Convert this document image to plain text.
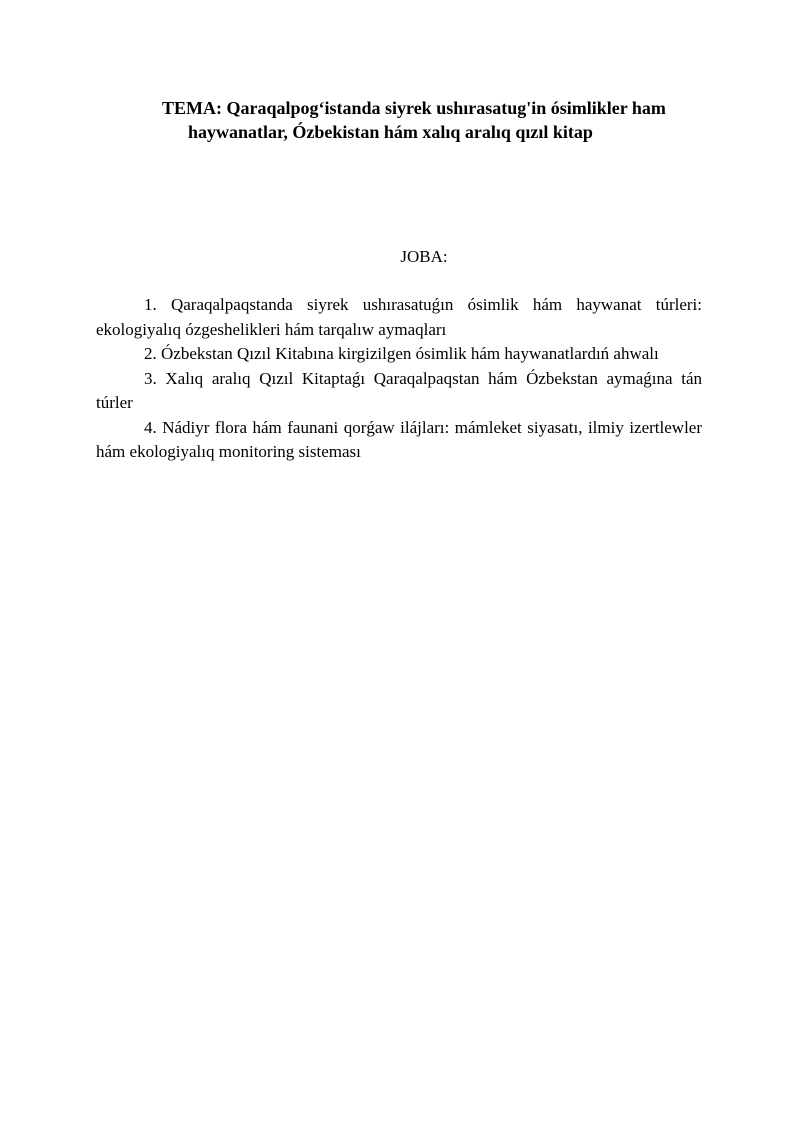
TEMA: Qaraqalpog‘istanda siyrek ushırasatug'in ósimlikler ham
haywanatlar, Ózbekistan hám xalıq aralıq qızıl kitap
JOBA:
1. Qaraqalpaqstanda siyrek ushırasatuǵın ósimlik hám haywanat túrleri: ekologiyalıq ózgeshelikleri hám tarqalıw aymaqları
2. Ózbekstan Qızıl Kitabına kirgizilgen ósimlik hám haywanatlardıń ahwalı
3. Xalıq aralıq Qızıl Kitaptaǵı Qaraqalpaqstan hám Ózbekstan aymaǵına tán túrler
4. Nádiyr flora hám faunani qorǵaw ilájları: mámleket siyasatı, ilmiy izertlewler hám ekologiyalıq monitoring sisteması
